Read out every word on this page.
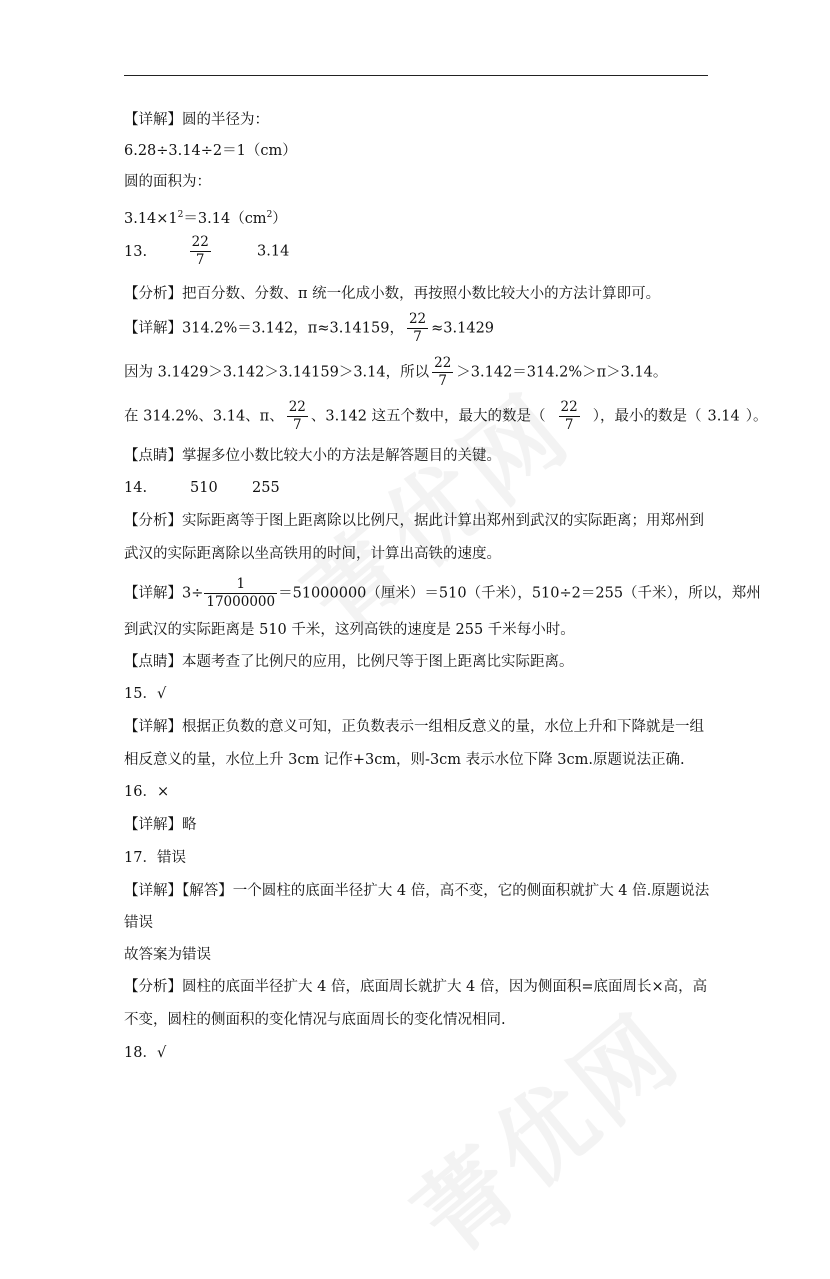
【详解】圆的半径为：
6.28÷3.14÷2＝1（cm）
圆的面积为：
$3.14\times 1^2=3.14(cm^2)$
13.	$\frac{22}{7}$	3.14
【分析】把百分数、分数、π 统一化成小数，再按照小数比较大小的方法计算即可。
【详解】314.2%＝3.142，π≈3.14159， $\frac{22}{7} \approx 3.1429$
因为 3.1429＞3.142＞3.14159＞3.14，所以 $\frac{22}{7} >3.142=314.2\%>\pi>3.14$。
在 314.2%、3.14、π、 $\frac{22}{7}$ 、3.142 这五个数中，最大的数是（ $\frac{22}{7}$ ），最小的数是（ 3.14 ）。
【点睛】掌握多位小数比较大小的方法是解答题目的关键。
14.	510 255
【分析】实际距离等于图上距离除以比例尺，据此计算出郑州到武汉的实际距离；用郑州到
武汉的实际距离除以坐高铁用的时间，计算出高铁的速度。
【详解】$3\div \frac{1}{17000000} =51000000$（厘米）＝510（千米），510÷2＝255（千米），所以，郑州
到武汉的实际距离是 510 千米，这列高铁的速度是 255 千米每小时。
【点睛】本题考查了比例尺的应用，比例尺等于图上距离比实际距离。
15．√
【详解】根据正负数的意义可知，正负数表示一组相反意义的量，水位上升和下降就是一组
相反意义的量，水位上升 3cm 记作+3cm，则-3cm 表示水位下降 3cm.原题说法正确.
16．×
【详解】略
17．错误
【详解】【解答】一个圆柱的底面半径扩大 4 倍，高不变，它的侧面积就扩大 4 倍.原题说法
错误
故答案为错误
【分析】圆柱的底面半径扩大 4 倍，底面周长就扩大 4 倍，因为侧面积=底面周长×高，高
不变，圆柱的侧面积的变化情况与底面周长的变化情况相同.
18．√
